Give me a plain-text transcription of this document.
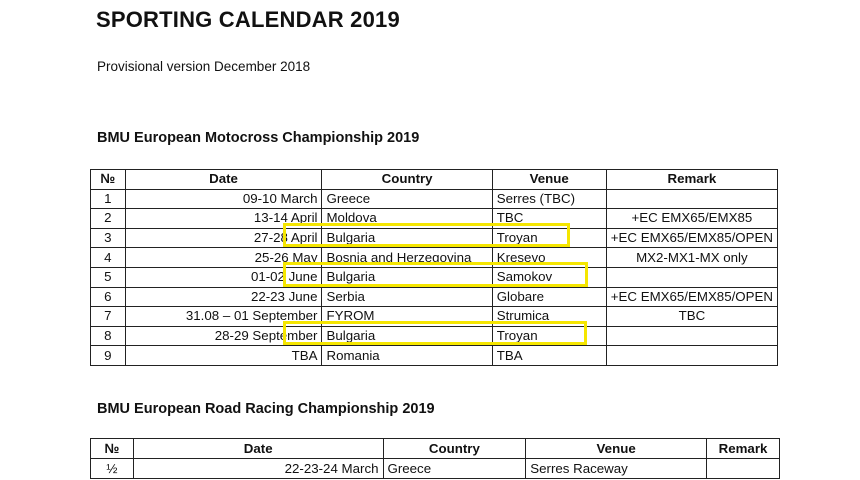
SPORTING CALENDAR 2019
Provisional version December 2018
BMU European Motocross Championship 2019
№	Date	Country	Venue	Remark
1	09-10 March	Greece	Serres (TBC)	
2	13-14 April	Moldova	TBC	+EC EMX65/EMX85
3	27-28 April	Bulgaria	Troyan	+EC EMX65/EMX85/OPEN
4	25-26 May	Bosnia and Herzegovina	Kresevo	MX2-MX1-MX only
5	01-02 June	Bulgaria	Samokov	
6	22-23 June	Serbia	Globare	+EC EMX65/EMX85/OPEN
7	31.08 – 01 September	FYROM	Strumica	TBC
8	28-29 September	Bulgaria	Troyan	
9	TBA	Romania	TBA	
BMU European Road Racing Championship 2019
№	Date	Country	Venue	Remark
½	22-23-24 March	Greece	Serres Raceway	
